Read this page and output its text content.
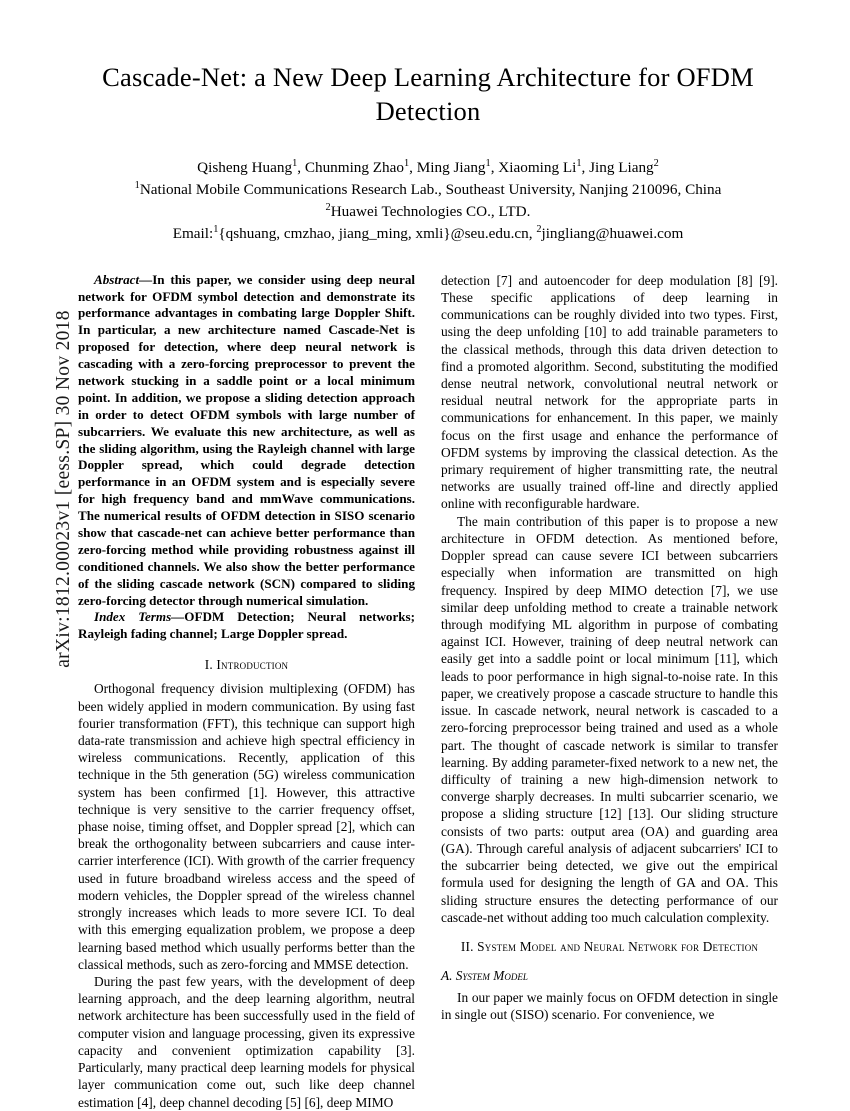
arXiv:1812.00023v1 [eess.SP] 30 Nov 2018
Cascade-Net: a New Deep Learning Architecture for OFDM Detection
Qisheng Huang$^1$, Chunming Zhao$^1$, Ming Jiang$^1$, Xiaoming Li$^1$, Jing Liang$^2$
$^1$National Mobile Communications Research Lab., Southeast University, Nanjing 210096, China
$^2$Huawei Technologies CO., LTD.
Email:$^1${qshuang, cmzhao, jiang_ming, xmli}@seu.edu.cn, $^2$jingliang@huawei.com

Abstract—In this paper, we consider using deep neural network for OFDM symbol detection and demonstrate its performance advantages in combating large Doppler Shift. In particular, a new architecture named Cascade-Net is proposed for detection, where deep neural network is cascading with a zero-forcing preprocessor to prevent the network stucking in a saddle point or a local minimum point. In addition, we propose a sliding detection approach in order to detect OFDM symbols with large number of subcarriers. We evaluate this new architecture, as well as the sliding algorithm, using the Rayleigh channel with large Doppler spread, which could degrade detection performance in an OFDM system and is especially severe for high frequency band and mmWave communications. The numerical results of OFDM detection in SISO scenario show that cascade-net can achieve better performance than zero-forcing method while providing robustness against ill conditioned channels. We also show the better performance of the sliding cascade network (SCN) compared to sliding zero-forcing detector through numerical simulation.

Index Terms—OFDM Detection; Neural networks; Rayleigh fading channel; Large Doppler spread.

I. Introduction

Orthogonal frequency division multiplexing (OFDM) has been widely applied in modern communication. By using fast fourier transformation (FFT), this technique can support high data-rate transmission and achieve high spectral efficiency in wireless communications. Recently, application of this technique in the 5th generation (5G) wireless communication system has been confirmed [1]. However, this attractive technique is very sensitive to the carrier frequency offset, phase noise, timing offset, and Doppler spread [2], which can break the orthogonality between subcarriers and cause inter-carrier interference (ICI). With growth of the carrier frequency used in future broadband wireless access and the speed of modern vehicles, the Doppler spread of the wireless channel strongly increases which leads to more severe ICI. To deal with this emerging equalization problem, we propose a deep learning based method which usually performs better than the classical methods, such as zero-forcing and MMSE detection.

During the past few years, with the development of deep learning approach, and the deep learning algorithm, neutral network architecture has been successfully used in the field of computer vision and language processing, given its expressive capacity and convenient optimization capability [3]. Particularly, many practical deep learning models for physical layer communication come out, such like deep channel estimation [4], deep channel decoding [5] [6], deep MIMO

detection [7] and autoencoder for deep modulation [8] [9]. These specific applications of deep learning in communications can be roughly divided into two types. First, using the deep unfolding [10] to add trainable parameters to the classical methods, through this data driven detection to find a promoted algorithm. Second, substituting the modified dense neutral network, convolutional neutral network or residual neutral network for the appropriate parts in communications for enhancement. In this paper, we mainly focus on the first usage and enhance the performance of OFDM systems by improving the classical detection. As the primary requirement of higher transmitting rate, the neutral networks are usually trained off-line and directly applied online with reconfigurable hardware.

The main contribution of this paper is to propose a new architecture in OFDM detection. As mentioned before, Doppler spread can cause severe ICI between subcarriers especially when information are transmitted on high frequency. Inspired by deep MIMO detection [7], we use similar deep unfolding method to create a trainable network through modifying ML algorithm in purpose of combating against ICI. However, training of deep neutral network can easily get into a saddle point or local minimum [11], which leads to poor performance in high signal-to-noise rate. In this paper, we creatively propose a cascade structure to handle this issue. In cascade network, neural network is cascaded to a zero-forcing preprocessor being trained and used as a whole part. The thought of cascade network is similar to transfer learning. By adding parameter-fixed network to a new net, the difficulty of training a new high-dimension network to converge sharply decreases. In multi subcarrier scenario, we propose a sliding structure [12] [13]. Our sliding structure consists of two parts: output area (OA) and guarding area (GA). Through careful analysis of adjacent subcarriers' ICI to the subcarrier being detected, we give out the empirical formula used for designing the length of GA and OA. This sliding structure ensures the detecting performance of our cascade-net without adding too much calculation complexity.

II. System Model and Neural Network for Detection
A. System Model

In our paper we mainly focus on OFDM detection in single in single out (SISO) scenario. For convenience, we
